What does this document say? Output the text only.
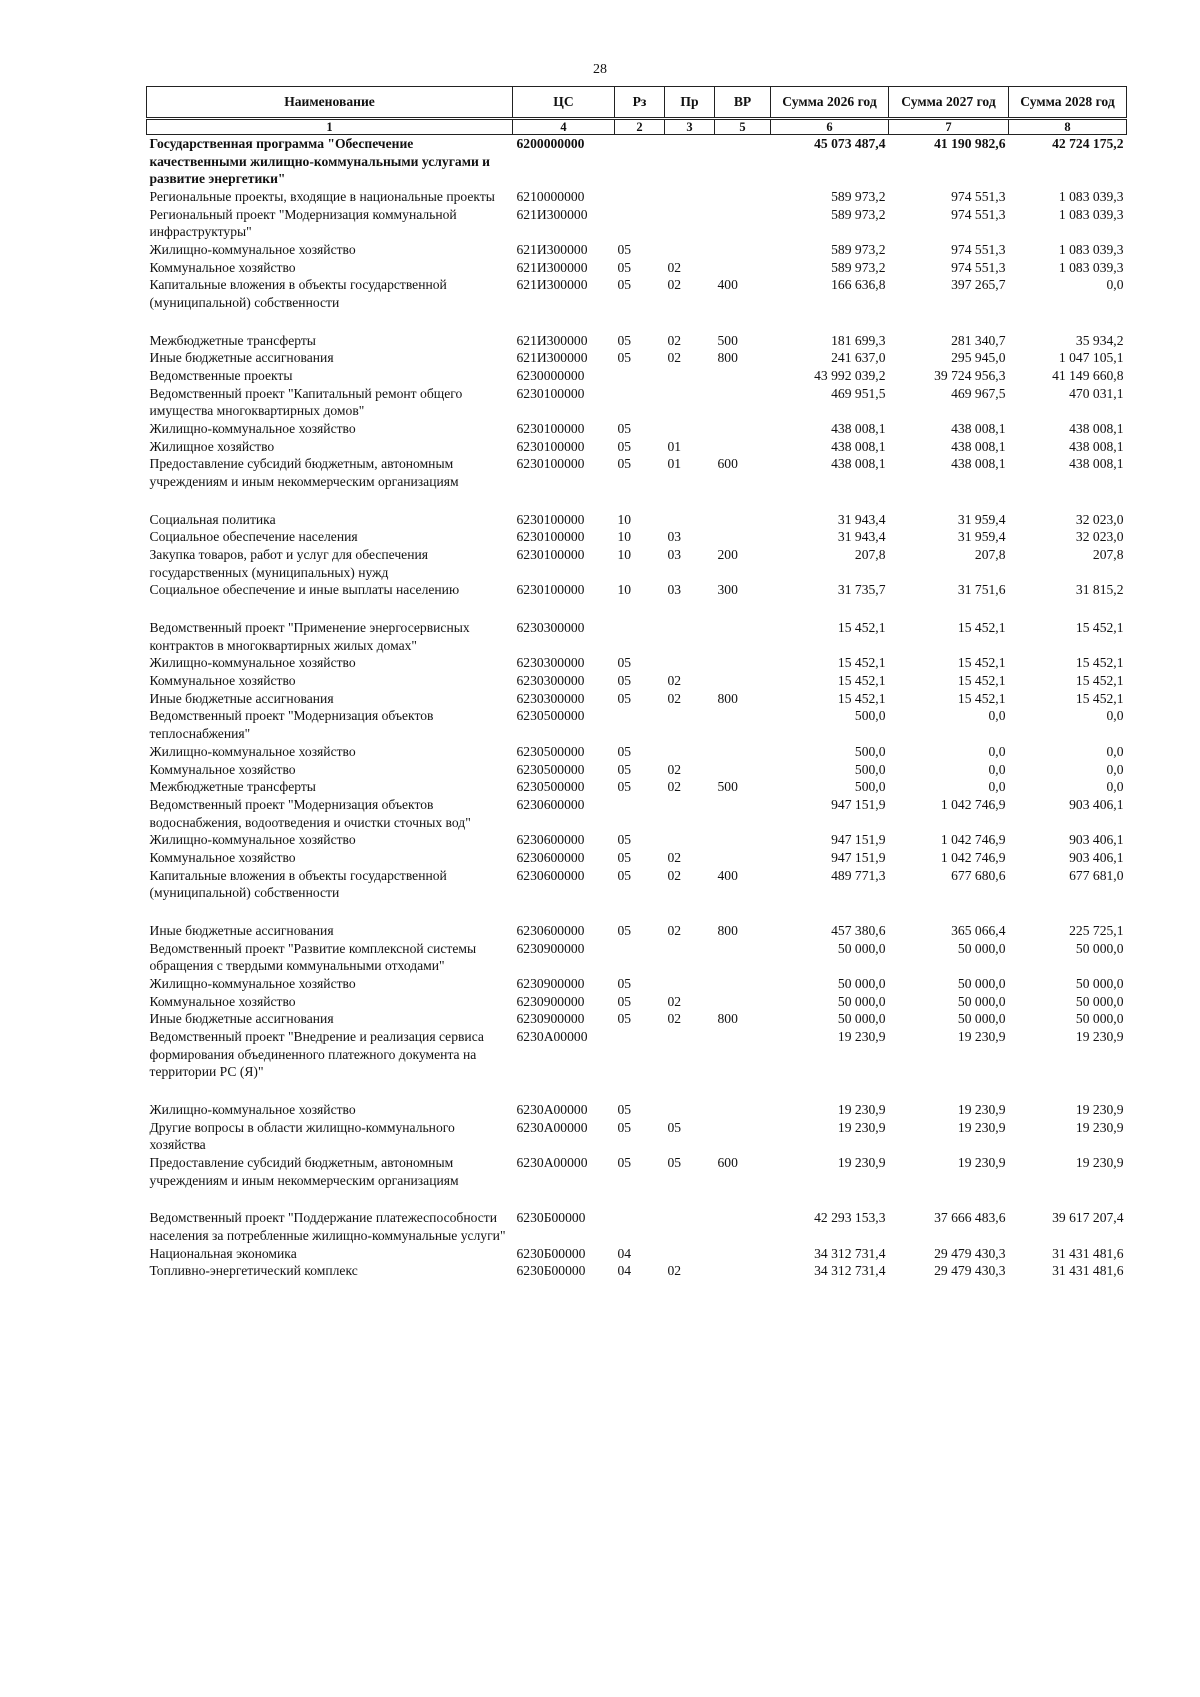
28
Наименование	ЦС	Рз	Пр	ВР	Сумма 2026 год	Сумма 2027 год	Сумма 2028 год
1	4	2	3	5	6	7	8
Государственная программа "Обеспечение качественными жилищно-коммунальными услугами и развитие энергетики"	6200000000				45 073 487,4	41 190 982,6	42 724 175,2
Региональные проекты, входящие в национальные проекты	6210000000				589 973,2	974 551,3	1 083 039,3
Региональный проект "Модернизация коммунальной инфраструктуры"	621И300000				589 973,2	974 551,3	1 083 039,3
Жилищно-коммунальное хозяйство	621И300000	05			589 973,2	974 551,3	1 083 039,3
Коммунальное хозяйство	621И300000	05	02		589 973,2	974 551,3	1 083 039,3
Капитальные вложения в объекты государственной (муниципальной) собственности	621И300000	05	02	400	166 636,8	397 265,7	0,0
Межбюджетные трансферты	621И300000	05	02	500	181 699,3	281 340,7	35 934,2
Иные бюджетные ассигнования	621И300000	05	02	800	241 637,0	295 945,0	1 047 105,1
Ведомственные проекты	6230000000				43 992 039,2	39 724 956,3	41 149 660,8
Ведомственный проект "Капитальный ремонт общего имущества многоквартирных домов"	6230100000				469 951,5	469 967,5	470 031,1
Жилищно-коммунальное хозяйство	6230100000	05			438 008,1	438 008,1	438 008,1
Жилищное хозяйство	6230100000	05	01		438 008,1	438 008,1	438 008,1
Предоставление субсидий бюджетным, автономным учреждениям и иным некоммерческим организациям	6230100000	05	01	600	438 008,1	438 008,1	438 008,1
Социальная политика	6230100000	10			31 943,4	31 959,4	32 023,0
Социальное обеспечение населения	6230100000	10	03		31 943,4	31 959,4	32 023,0
Закупка товаров, работ и услуг для обеспечения государственных (муниципальных) нужд	6230100000	10	03	200	207,8	207,8	207,8
Социальное обеспечение и иные выплаты населению	6230100000	10	03	300	31 735,7	31 751,6	31 815,2
Ведомственный проект "Применение энергосервисных контрактов в многоквартирных жилых домах"	6230300000				15 452,1	15 452,1	15 452,1
Жилищно-коммунальное хозяйство	6230300000	05			15 452,1	15 452,1	15 452,1
Коммунальное хозяйство	6230300000	05	02		15 452,1	15 452,1	15 452,1
Иные бюджетные ассигнования	6230300000	05	02	800	15 452,1	15 452,1	15 452,1
Ведомственный проект "Модернизация объектов теплоснабжения"	6230500000				500,0	0,0	0,0
Жилищно-коммунальное хозяйство	6230500000	05			500,0	0,0	0,0
Коммунальное хозяйство	6230500000	05	02		500,0	0,0	0,0
Межбюджетные трансферты	6230500000	05	02	500	500,0	0,0	0,0
Ведомственный проект "Модернизация объектов водоснабжения, водоотведения и очистки сточных вод"	6230600000				947 151,9	1 042 746,9	903 406,1
Жилищно-коммунальное хозяйство	6230600000	05			947 151,9	1 042 746,9	903 406,1
Коммунальное хозяйство	6230600000	05	02		947 151,9	1 042 746,9	903 406,1
Капитальные вложения в объекты государственной (муниципальной) собственности	6230600000	05	02	400	489 771,3	677 680,6	677 681,0
Иные бюджетные ассигнования	6230600000	05	02	800	457 380,6	365 066,4	225 725,1
Ведомственный проект "Развитие комплексной системы обращения с твердыми коммунальными отходами"	6230900000				50 000,0	50 000,0	50 000,0
Жилищно-коммунальное хозяйство	6230900000	05			50 000,0	50 000,0	50 000,0
Коммунальное хозяйство	6230900000	05	02		50 000,0	50 000,0	50 000,0
Иные бюджетные ассигнования	6230900000	05	02	800	50 000,0	50 000,0	50 000,0
Ведомственный проект "Внедрение и реализация сервиса формирования объединенного платежного документа на территории РС (Я)"	6230А00000				19 230,9	19 230,9	19 230,9
Жилищно-коммунальное хозяйство	6230А00000	05			19 230,9	19 230,9	19 230,9
Другие вопросы в области жилищно-коммунального хозяйства	6230А00000	05	05		19 230,9	19 230,9	19 230,9
Предоставление субсидий бюджетным, автономным учреждениям и иным некоммерческим организациям	6230А00000	05	05	600	19 230,9	19 230,9	19 230,9
Ведомственный проект "Поддержание платежеспособности населения за потребленные жилищно-коммунальные услуги"	6230Б00000				42 293 153,3	37 666 483,6	39 617 207,4
Национальная экономика	6230Б00000	04			34 312 731,4	29 479 430,3	31 431 481,6
Топливно-энергетический комплекс	6230Б00000	04	02		34 312 731,4	29 479 430,3	31 431 481,6
